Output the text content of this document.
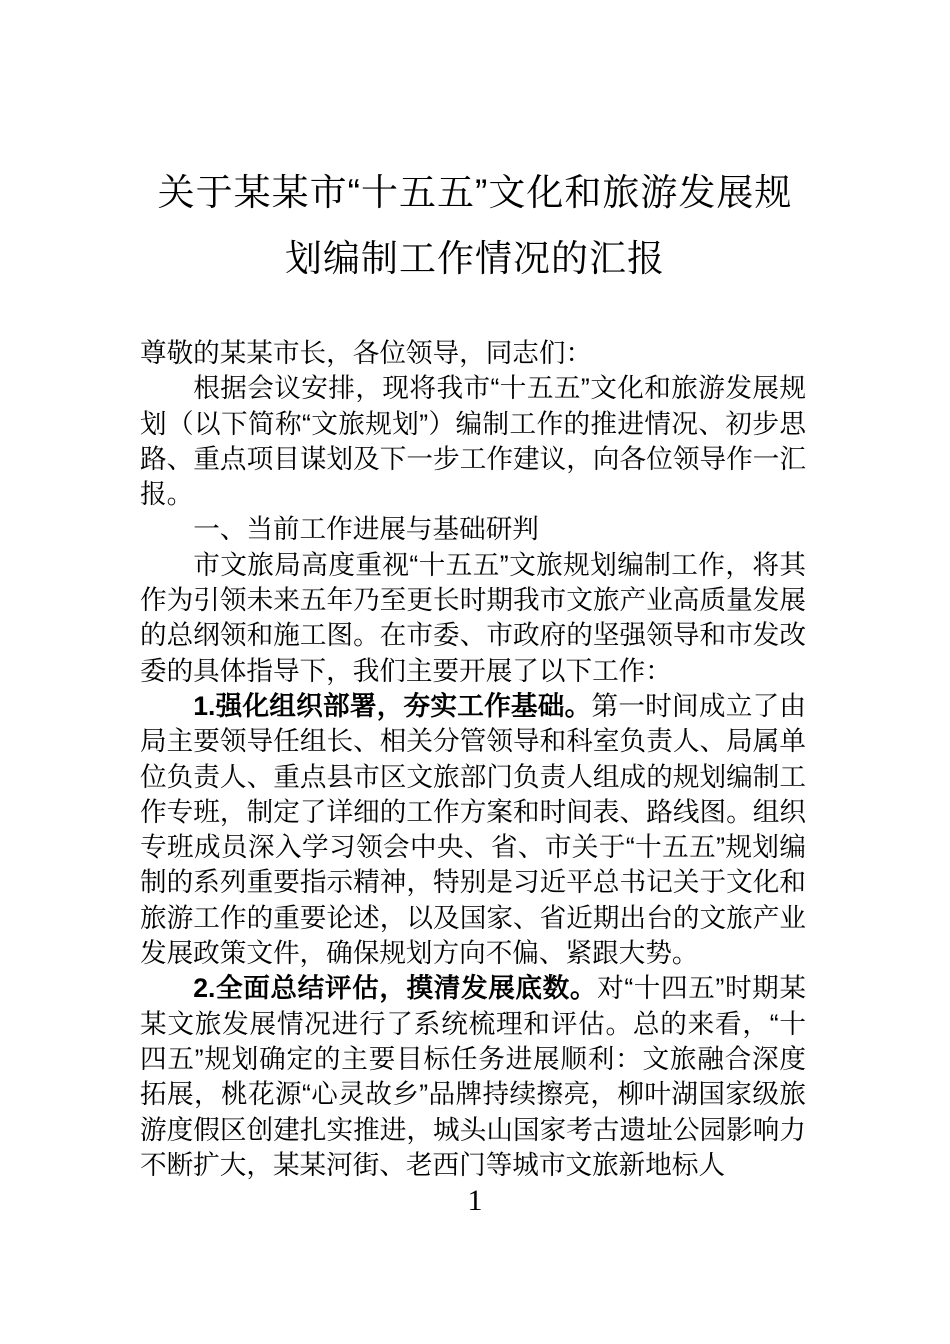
关于某某市“十五五”文化和旅游发展规
划编制工作情况的汇报

尊敬的某某市长，各位领导，同志们：

根据会议安排，现将我市“十五五”文化和旅游发展规划（以下简称“文旅规划”）编制工作的推进情况、初步思路、重点项目谋划及下一步工作建议，向各位领导作一汇报。

一、当前工作进展与基础研判

市文旅局高度重视“十五五”文旅规划编制工作，将其作为引领未来五年乃至更长时期我市文旅产业高质量发展的总纲领和施工图。在市委、市政府的坚强领导和市发改委的具体指导下，我们主要开展了以下工作：

1.强化组织部署，夯实工作基础。第一时间成立了由局主要领导任组长、相关分管领导和科室负责人、局属单位负责人、重点县市区文旅部门负责人组成的规划编制工作专班，制定了详细的工作方案和时间表、路线图。组织专班成员深入学习领会中央、省、市关于“十五五”规划编制的系列重要指示精神，特别是习近平总书记关于文化和旅游工作的重要论述，以及国家、省近期出台的文旅产业发展政策文件，确保规划方向不偏、紧跟大势。

2.全面总结评估，摸清发展底数。对“十四五”时期某某文旅发展情况进行了系统梳理和评估。总的来看，“十四五”规划确定的主要目标任务进展顺利：文旅融合深度拓展，桃花源“心灵故乡”品牌持续擦亮，柳叶湖国家级旅游度假区创建扎实推进，城头山国家考古遗址公园影响力不断扩大，某某河街、老西门等城市文旅新地标人

1
